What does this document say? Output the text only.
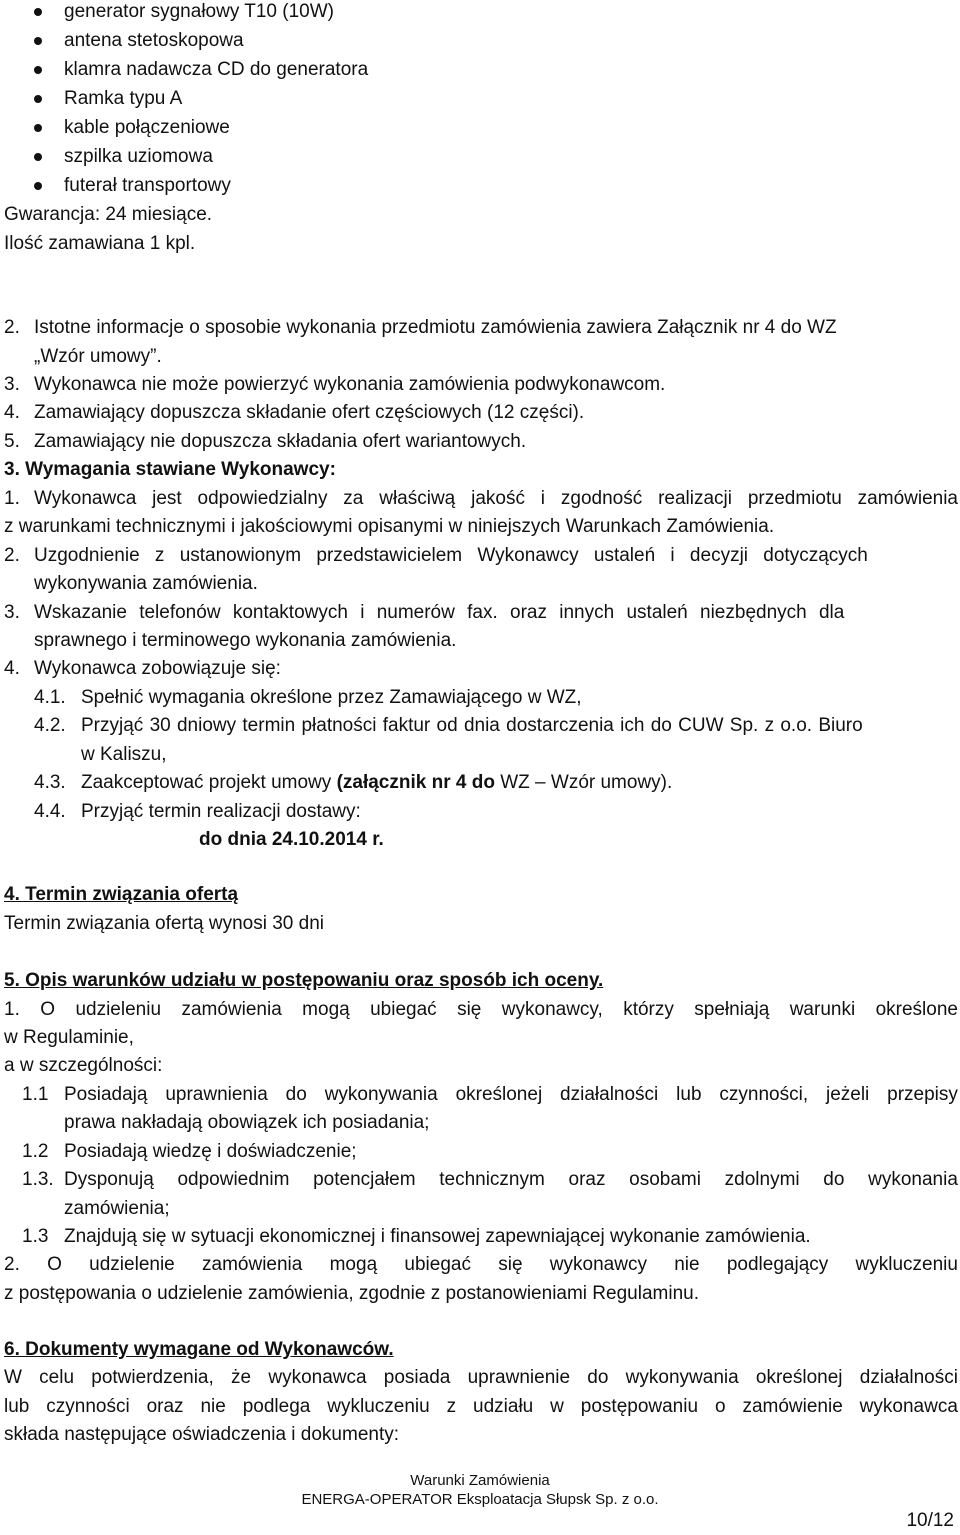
generator sygnałowy T10 (10W)
antena stetoskopowa
klamra nadawcza CD do generatora
Ramka typu A
kable połączeniowe
szpilka uziomowa
futerał transportowy
Gwarancja: 24 miesiące.
Ilość zamawiana 1 kpl.
2. Istotne informacje o sposobie wykonania przedmiotu zamówienia zawiera Załącznik nr 4 do WZ
„Wzór umowy”.
3. Wykonawca nie może powierzyć wykonania zamówienia podwykonawcom.
4. Zamawiający dopuszcza składanie ofert częściowych (12 części).
5. Zamawiający nie dopuszcza składania ofert wariantowych.
3. Wymagania stawiane Wykonawcy:
1. Wykonawca jest odpowiedzialny za właściwą jakość i zgodność realizacji przedmiotu zamówienia
z warunkami technicznymi i jakościowymi opisanymi w niniejszych Warunkach Zamówienia.
2. Uzgodnienie z ustanowionym przedstawicielem Wykonawcy ustaleń i decyzji dotyczących
wykonywania zamówienia.
3. Wskazanie telefonów kontaktowych i numerów fax. oraz innych ustaleń niezbędnych dla
sprawnego i terminowego wykonania zamówienia.
4. Wykonawca zobowiązuje się:
4.1. Spełnić wymagania określone przez Zamawiającego w WZ,
4.2. Przyjąć 30 dniowy termin płatności faktur od dnia dostarczenia ich do CUW Sp. z o.o. Biuro
w Kaliszu,
4.3. Zaakceptować projekt umowy (załącznik nr 4 do WZ – Wzór umowy).
4.4. Przyjąć termin realizacji dostawy:
do dnia 24.10.2014 r.
4. Termin związania ofertą
Termin związania ofertą wynosi 30 dni
5. Opis warunków udziału w postępowaniu oraz sposób ich oceny.
1. O udzieleniu zamówienia mogą ubiegać się wykonawcy, którzy spełniają warunki określone
w Regulaminie,
a w szczególności:
1.1 Posiadają uprawnienia do wykonywania określonej działalności lub czynności, jeżeli przepisy
prawa nakładają obowiązek ich posiadania;
1.2 Posiadają wiedzę i doświadczenie;
1.3. Dysponują odpowiednim potencjałem technicznym oraz osobami zdolnymi do wykonania
zamówienia;
1.3 Znajdują się w sytuacji ekonomicznej i finansowej zapewniającej wykonanie zamówienia.
2. O udzielenie zamówienia mogą ubiegać się wykonawcy nie podlegający wykluczeniu
z postępowania o udzielenie zamówienia, zgodnie z postanowieniami Regulaminu.
6. Dokumenty wymagane od Wykonawców.
W celu potwierdzenia, że wykonawca posiada uprawnienie do wykonywania określonej działalności
lub czynności oraz nie podlega wykluczeniu z udziału w postępowaniu o zamówienie wykonawca
składa następujące oświadczenia i dokumenty:
Warunki Zamówienia
ENERGA-OPERATOR Eksploatacja Słupsk Sp. z o.o.
10/12
